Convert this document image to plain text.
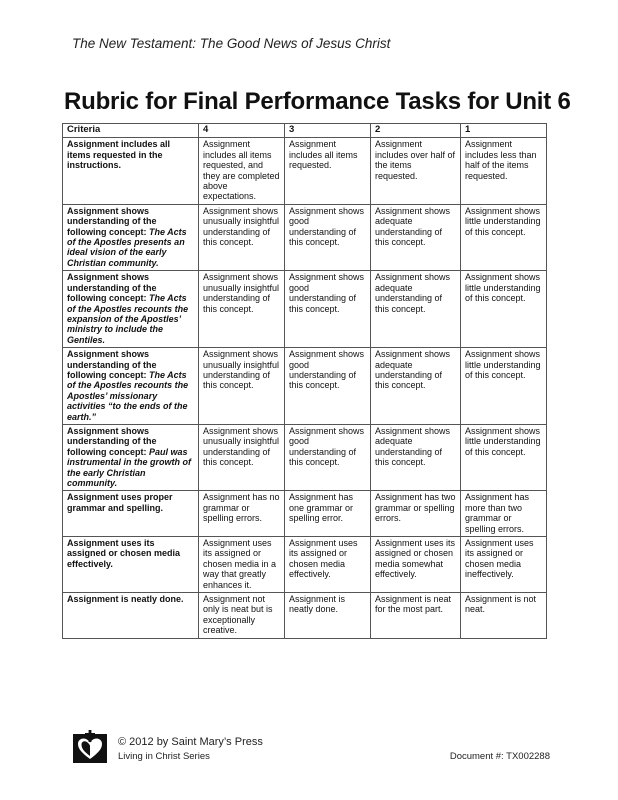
The New Testament: The Good News of Jesus Christ
Rubric for Final Performance Tasks for Unit 6
Criteria	4	3	2	1
Assignment includes all items requested in the instructions.	Assignment includes all items requested, and they are completed above expectations.	Assignment includes all items requested.	Assignment includes over half of the items requested.	Assignment includes less than half of the items requested.
Assignment shows understanding of the following concept: The Acts of the Apostles presents an ideal vision of the early Christian community.	Assignment shows unusually insightful understanding of this concept.	Assignment shows good understanding of this concept.	Assignment shows adequate understanding of this concept.	Assignment shows little understanding of this concept.
Assignment shows understanding of the following concept: The Acts of the Apostles recounts the expansion of the Apostles’ ministry to include the Gentiles.	Assignment shows unusually insightful understanding of this concept.	Assignment shows good understanding of this concept.	Assignment shows adequate understanding of this concept.	Assignment shows little understanding of this concept.
Assignment shows understanding of the following concept: The Acts of the Apostles recounts the Apostles’ missionary activities “to the ends of the earth.”	Assignment shows unusually insightful understanding of this concept.	Assignment shows good understanding of this concept.	Assignment shows adequate understanding of this concept.	Assignment shows little understanding of this concept.
Assignment shows understanding of the following concept: Paul was instrumental in the growth of the early Christian community.	Assignment shows unusually insightful understanding of this concept.	Assignment shows good understanding of this concept.	Assignment shows adequate understanding of this concept.	Assignment shows little understanding of this concept.
Assignment uses proper grammar and spelling.	Assignment has no grammar or spelling errors.	Assignment has one grammar or spelling error.	Assignment has two grammar or spelling errors.	Assignment has more than two grammar or spelling errors.
Assignment uses its assigned or chosen media effectively.	Assignment uses its assigned or chosen media in a way that greatly enhances it.	Assignment uses its assigned or chosen media effectively.	Assignment uses its assigned or chosen media somewhat effectively.	Assignment uses its assigned or chosen media ineffectively.
Assignment is neatly done.	Assignment not only is neat but is exceptionally creative.	Assignment is neatly done.	Assignment is neat for the most part.	Assignment is not neat.
© 2012 by Saint Mary’s Press
Living in Christ Series	Document #: TX002288
